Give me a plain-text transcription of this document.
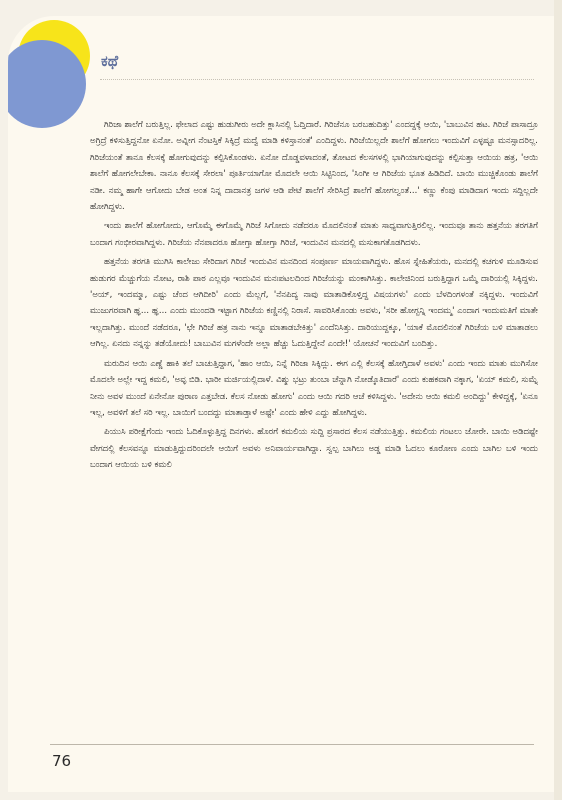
ಕಥೆ

ಗಿರಿಜಾ ಶಾಲೆಗೆ ಬರುತ್ತಿಲ್ಲ. ಫೇಲಾದ ಎಷ್ಟು ಹುಡುಗೀರು ಅದೇ ಕ್ಲಾಸಿನಲ್ಲಿ ಓದ್ತಿದಾರೆ. ಗಿರಿಜೆನೂ ಬರಬಹುದಿತ್ತು' ಎಂದದ್ದಕ್ಕೆ ಆಯಿ, 'ಬಾಬುವಿನ ಹಟ. ಗಿರಿಜೆ ಪಾಸಾದ್ರೂ ಅಗ್ರಿದ್ರೆ ಕಳಿಸುತ್ತಿದ್ದನೋ ಏನೋ. ಅವ್ನೀಗ ನೆಂಟಸ್ತಿಕೆ ಸಿಕ್ಕಿದ್ರೆ ಮದ್ವೆ ಮಾಡಿ ಕಳಿಸ್ತಾನಂತೆ' ಎಂದಿದ್ದಳು. ಗಿರಿಜೆಯಿಲ್ಲದೇ ಶಾಲೆಗೆ ಹೋಗಲು ಇಂದುವಿಗೆ ಎಳ್ಳಷ್ಟೂ ಮನಸ್ಸಾದರಿಲ್ಲ. ಗಿರಿಜೆಯಂತೆ ತಾನೂ ಕೆಲಸಕ್ಕೆ ಹೋಗುವುದನ್ನು ಕಲ್ಪಿಸಿಕೊಂಡಳು. ಏನೋ ದೊಡ್ಡವಳಾದಂತೆ, ತೋಟದ ಕೆಲಸಗಳಲ್ಲಿ ಭಾಗಿಯಾಗುವುದನ್ನು ಕಲ್ಪಿಸುತ್ತಾ ಆಯಿಯ ಹತ್ರ, 'ಆಯಿ ಶಾಲೆಗೆ ಹೋಗಲೇಬೇಕಾ. ನಾನೂ ಕೆಲಸಕ್ಕೆ ಸೇರಲಾ' ಪೂರ್ತಿಯಾಗೋ ಮೊದಲೇ ಆಯಿ ಸಿಟ್ಟಿನಿಂದ, 'ಸಿಂಗೀ ಆ ಗಿರಿಜೆಯ ಭೂತ ಹಿಡಿದಿದೆ. ಬಾಯಿ ಮುಚ್ಚಿಕೊಂಡು ಶಾಲೆಗೆ ನಡೀ. ನಮ್ಮ ಹಾಗೇ ಆಗೋದು ಬೇಡ ಅಂತ ನಿನ್ನ ದಾದಾನತ್ರ ಜಗಳ ಆಡಿ ಪೇಟೆ ಶಾಲೆಗೆ ಸೇರಿಸಿದ್ರೆ ಶಾಲೆಗೆ ಹೋಗಲ್ವಂತೆ...' ಕಣ್ಣು ಕೆಂಪು ಮಾಡಿದಾಗ ಇಂದು ಸದ್ದಿಲ್ಲದೇ ಹೋಗಿದ್ದಳು.

ಇಂದು ಶಾಲೆಗೆ ಹೋಗೋದು, ಆಗೊಮ್ಮೆ ಈಗೊಮ್ಮೆ ಗಿರಿಜೆ ಸಿಗೋದು ನಡೆದರೂ ಮೊದಲಿನಂತೆ ಮಾತು ಸಾಧ್ಯವಾಗುತ್ತಿರಲಿಲ್ಲ. ಇಂದುವೂ ತಾನು ಹತ್ತನೆಯ ತರಗತಿಗೆ ಬಂದಾಗ ಗಂಭೀರವಾಗಿದ್ದಳು. ಗಿರಿಜೆಯ ನೆನಪಾದರೂ ಹೋಗ್ತಾ ಹೋಗ್ತಾ ಗಿರಿಜೆ, ಇಂದುವಿನ ಮನದಲ್ಲಿ ಮಸುಕಾಗತೊಡಗಿದಳು.

ಹತ್ತನೆಯ ತರಗತಿ ಮುಗಿಸಿ ಕಾಲೇಜು ಸೇರಿದಾಗ ಗಿರಿಜೆ ಇಂದುವಿನ ಮನದಿಂದ ಸಂಪೂರ್ಣ ಮಾಯವಾಗಿದ್ದಳು. ಹೊಸ ಸ್ನೇಹಿತೆಯರು, ಮನದಲ್ಲಿ ಕಚಗುಳಿ ಮೂಡಿಸುವ ಹುಡುಗರ ಮೆಚ್ಚುಗೆಯ ನೋಟ, ರಾಶಿ ಪಾಠ ಎಲ್ಲವೂ ಇಂದುವಿನ ಮನಃಪಟಲದಿಂದ ಗಿರಿಜೆಯನ್ನು ಮಂಕಾಗಿಸಿತ್ತು. ಕಾಲೇಜಿನಿಂದ ಬರುತ್ತಿದ್ದಾಗ ಒಮ್ಮೆ ದಾರಿಯಲ್ಲಿ ಸಿಕ್ಕಿದ್ದಳು. 'ಅಯ್, ಇಂದಮ್ಮಾ, ಎಷ್ಟು ಚೆಂದ ಆಗಿದೀರಿ' ಎಂದು ಮೆಲ್ಲಗೆ, 'ನೆನಪಿದ್ಯ ನಾವು ಮಾತಾಡಿಕೊಳ್ತಿದ್ದ ವಿಷಯಗಳು' ಎಂದು ಬೆಳದಿಂಗಳಂತೆ ನಕ್ಕಿದ್ದಳು. ಇಂದುವಿಗೆ ಮುಜುಗರವಾಗಿ ಹ್ಞ... ಹ್ಞ... ಎಂದು ಮುಂದಡಿ ಇಟ್ಟಾಗ ಗಿರಿಜೆಯ ಕಣ್ಣಿನಲ್ಲಿ ನಿರಾಸೆ. ಸಾವರಿಸಿಕೊಂಡು ಅವಳು, 'ಸರೀ ಹೋಗ್ಬನ್ನಿ ಇಂದಮ್ಮ' ಎಂದಾಗ ಇಂದುಮತಿಗೆ ಮಾತೇ ಇಲ್ಲದಾಗಿತ್ತು. ಮುಂದೆ ನಡೆದರೂ, 'ಛೇ ಗಿರಿಜೆ ಹತ್ರ ನಾನು ಇನ್ನೂ ಮಾತಾಡಬೇಕಿತ್ತು' ಎಂದೆನಿಸಿತ್ತು. ದಾರಿಯುದ್ದಕ್ಕೂ, 'ಯಾಕೆ ಮೊದಲಿನಂತೆ ಗಿರಿಜೆಯ ಬಳಿ ಮಾತಾಡಲು ಆಗಿಲ್ಲ. ಏನದು ನನ್ನನ್ನು ತಡೆಯೋದು! ಬಾಬುವಿನ ಮಗಳೆಂದೇ ಅಲ್ಲಾ ಹೆಚ್ಚು ಓದುತ್ತಿದ್ದೇನೆ ಎಂದೇ!' ಯೋಚನೆ ಇಂದುವಿಗೆ ಬಂದಿತ್ತು.

ಮರುದಿನ ಆಯಿ ಎಣ್ಣೆ ಹಾಕಿ ತಲೆ ಬಾಚುತ್ತಿದ್ದಾಗ, 'ಹಾಂ ಆಯಿ, ನಿನ್ನೆ ಗಿರಿಜಾ ಸಿಕ್ಕಿದ್ಲು. ಈಗ ಎಲ್ಲಿ ಕೆಲಸಕ್ಕೆ ಹೋಗ್ತಿದಾಳೆ ಅವಳು' ಎಂದು ಇಂದು ಮಾತು ಮುಗಿಸೋ ಮೊದಲೇ ಅಲ್ಲೇ ಇದ್ದ ಕಮಲಿ, 'ಅವ್ಳ ಬಿಡಿ. ಭಾರೀ ಮರ್ಜಿಯಲ್ಲಿದಾಳೆ. ವಿಶ್ಮು ಭಟ್ರು ತುಂಬಾ ಚೆನ್ನಾಗಿ ನೋಡ್ಕೊತಿದಾರೆ' ಎಂದು ಕುಹಕವಾಗಿ ನಕ್ಕಾಗ, 'ಏಯ್ ಕಮಲಿ, ಸುಮ್ನೆ ನೀನು ಅವಳ ಮುಂದೆ ಏನೇನೋ ಪುರಾಣ ಎತ್ತಬೇಡ. ಕೆಲಸ ನೋಡು ಹೋಗು' ಎಂದು ಆಯಿ ಗದರಿ ಆಚೆ ಕಳಿಸಿದ್ದಳು. 'ಅದೇನು ಆಯಿ ಕಮಲಿ ಅಂದಿದ್ದು' ಕೇಳಿದ್ದಕ್ಕೆ, 'ಏನೂ ಇಲ್ಲ, ಅವಳಿಗೆ ತಲೆ ಸರಿ ಇಲ್ಲ. ಬಾಯಿಗೆ ಬಂದದ್ದು ಮಾತಾಡ್ತಾಳೆ ಅಷ್ಟೇ' ಎಂದು ಹೇಳಿ ಎದ್ದು ಹೋಗಿದ್ದಳು.

ಪಿಯುಸಿ ಪರೀಕ್ಷೆಗೆಂದು ಇಂದು ಓದಿಕೊಳ್ಳುತ್ತಿದ್ದ ದಿನಗಳು. ಹೊರಗೆ ಕಮಲಿಯ ಸುದ್ದಿ ಪ್ರಸಾರದ ಕೆಲಸ ನಡೆಯುತ್ತಿತ್ತು. ಕಮಲಿಯ ಗಂಟಲು ಜೋರೇ. ಬಾಯಿ ಅಡಿದಷ್ಟೇ ವೇಗದಲ್ಲಿ ಕೆಲಸವನ್ನೂ ಮಾಡುತ್ತಿದ್ದುದರಿಂದಲೇ ಆಯಿಗೆ ಅವಳು ಅನಿವಾರ್ಯವಾಗಿದ್ದಾ. ಸ್ವಲ್ಪ ಬಾಗಿಲು ಅಡ್ಡ ಮಾಡಿ ಓದಲು ಕೂರೋಣ ಎಂದು ಬಾಗಿಲ ಬಳಿ ಇಂದು ಬಂದಾಗ ಆಯಿಯ ಬಳಿ ಕಮಲಿ

76
